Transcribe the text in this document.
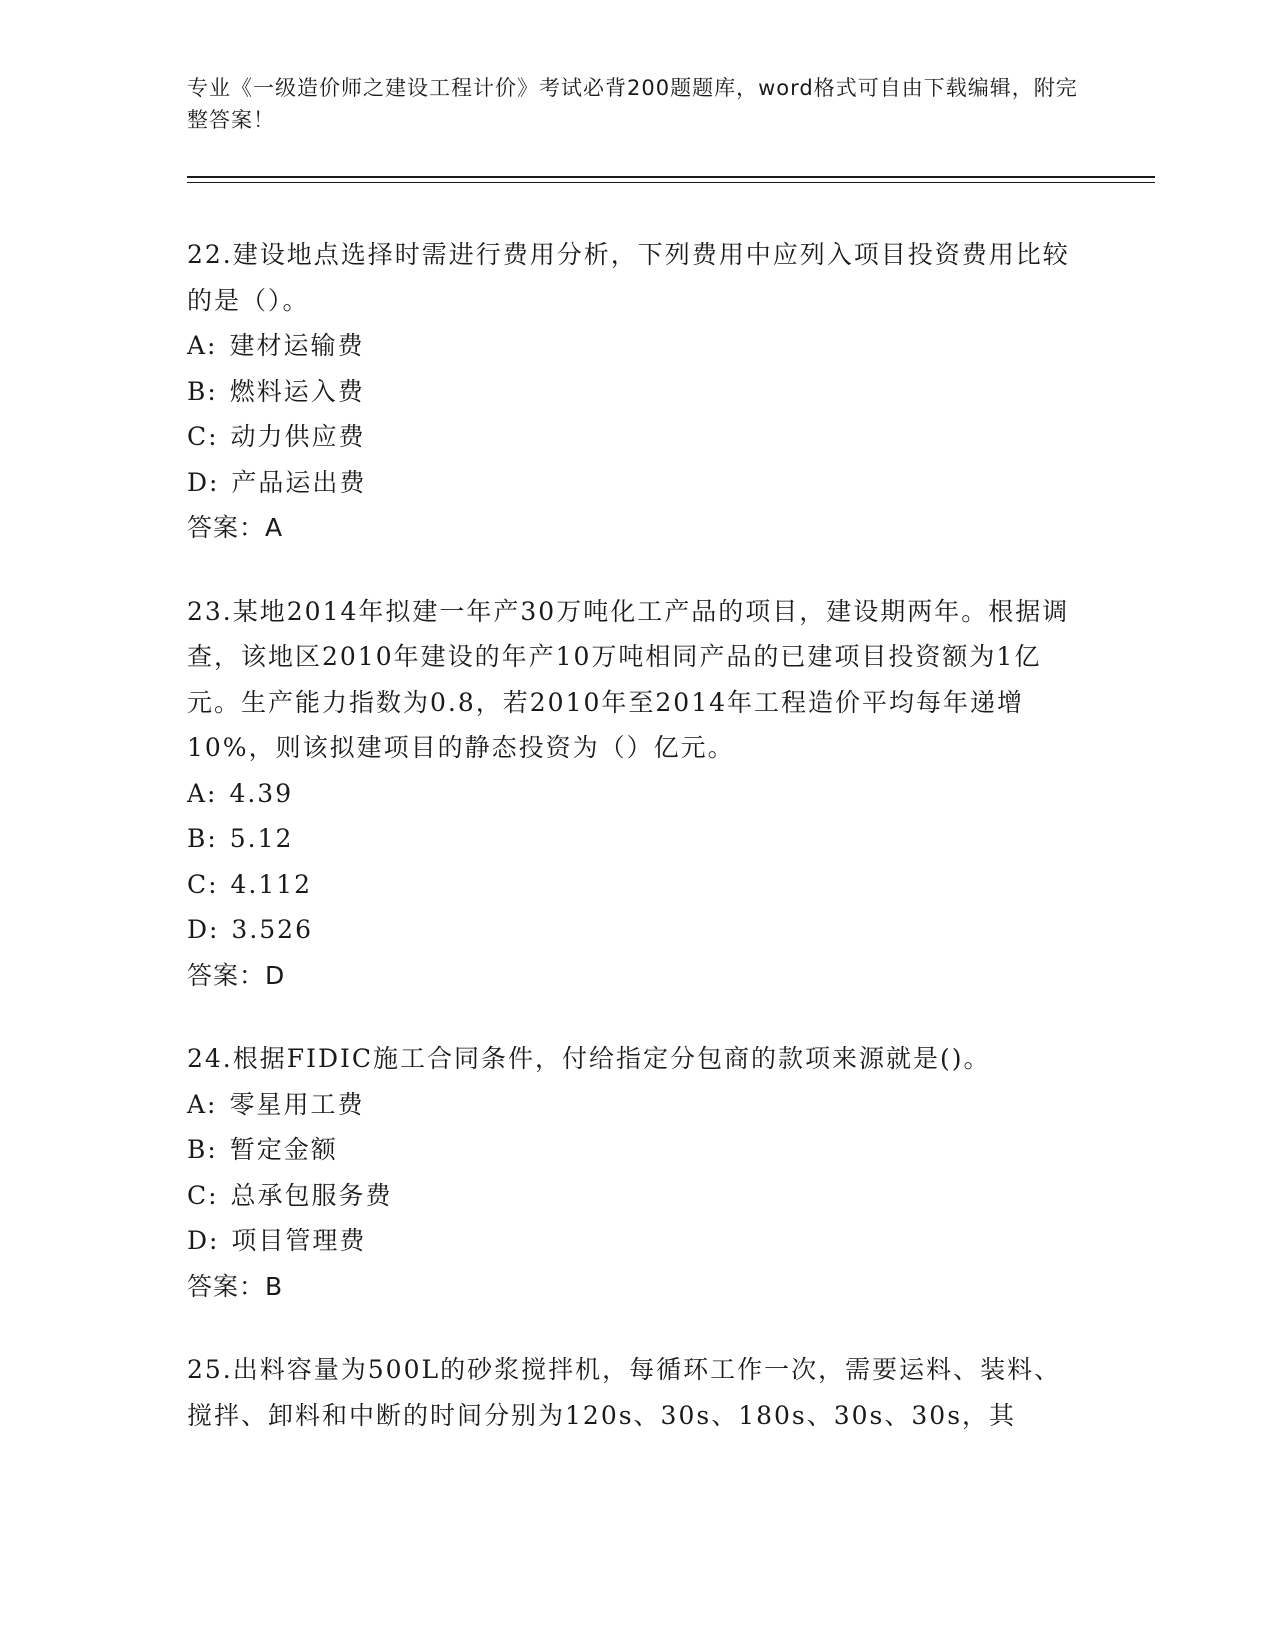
专业《一级造价师之建设工程计价》考试必背200题题库，word格式可自由下载编辑，附完整答案！

22.建设地点选择时需进行费用分析，下列费用中应列入项目投资费用比较的是（）。

A: 建材运输费

B: 燃料运入费

C: 动力供应费

D: 产品运出费

答案：A

23.某地2014年拟建一年产30万吨化工产品的项目，建设期两年。根据调查，该地区2010年建设的年产10万吨相同产品的已建项目投资额为1亿元。生产能力指数为0.8，若2010年至2014年工程造价平均每年递增10%，则该拟建项目的静态投资为（）亿元。

A: 4.39

B: 5.12

C: 4.112

D: 3.526

答案：D

24.根据FIDIC施工合同条件，付给指定分包商的款项来源就是()。

A: 零星用工费

B: 暂定金额

C: 总承包服务费

D: 项目管理费

答案：B

25.出料容量为500L的砂浆搅拌机，每循环工作一次，需要运料、装料、搅拌、卸料和中断的时间分别为120s、30s、180s、30s、30s，其
